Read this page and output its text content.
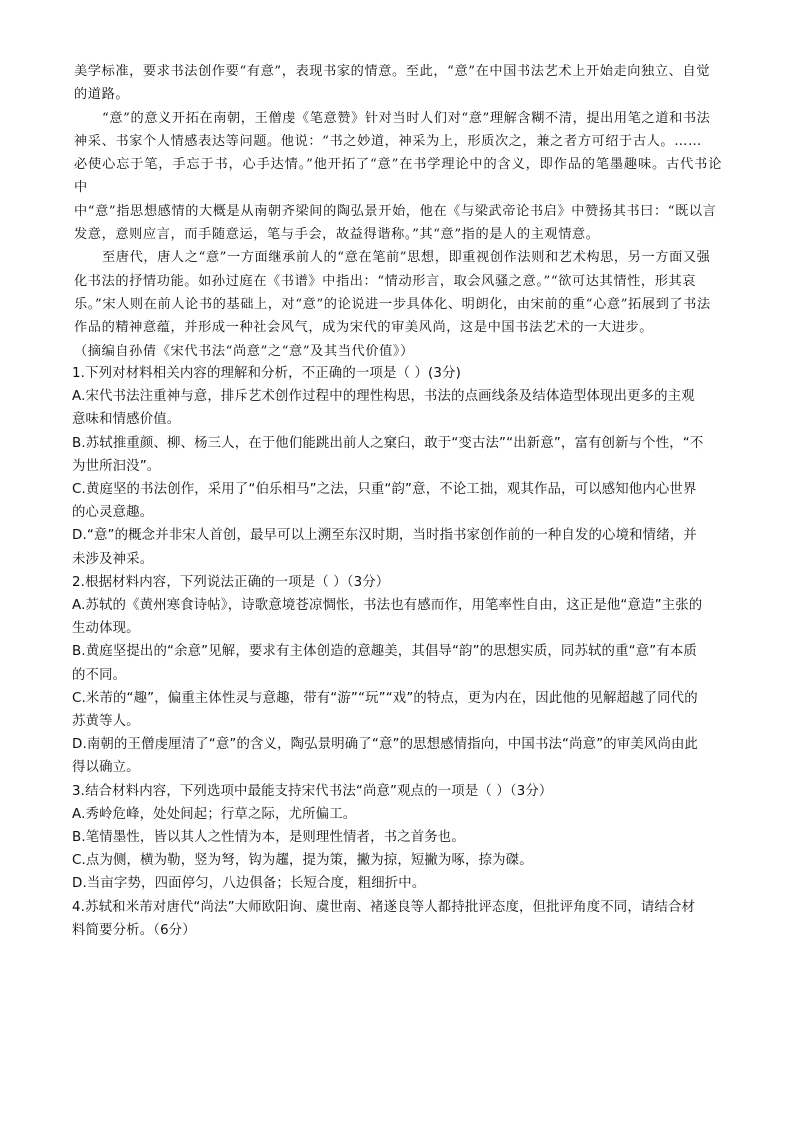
美学标准，要求书法创作要“有意”，表现书家的情意。至此，“意”在中国书法艺术上开始走向独立、自觉

的道路。

“意”的意义开拓在南朝，王僧虔《笔意赞》针对当时人们对“意”理解含糊不清，提出用笔之道和书法

神采、书家个人情感表达等问题。他说：“书之妙道，神采为上，形质次之，兼之者方可绍于古人。……

必使心忘于笔，手忘于书，心手达情。”他开拓了“意”在书学理论中的含义，即作品的笔墨趣味。古代书论中

中“意”指思想感情的大概是从南朝齐梁间的陶弘景开始，他在《与梁武帝论书启》中赞扬其书曰：“既以言

发意，意则应言，而手随意运，笔与手会，故益得谐称。”其“意”指的是人的主观情意。

至唐代，唐人之“意”一方面继承前人的“意在笔前”思想，即重视创作法则和艺术构思，另一方面又强

化书法的抒情功能。如孙过庭在《书谱》中指出：“情动形言，取会风骚之意。”“欲可达其情性，形其哀

乐。”宋人则在前人论书的基础上，对“意”的论说进一步具体化、明朗化，由宋前的重“心意”拓展到了书法

作品的精神意蕴，并形成一种社会风气，成为宋代的审美风尚，这是中国书法艺术的一大进步。

（摘编自孙倩《宋代书法“尚意”之“意”及其当代价值》）

1.下列对材料相关内容的理解和分析，不正确的一项是（ ）(3分)

A.宋代书法注重神与意，排斥艺术创作过程中的理性构思，书法的点画线条及结体造型体现出更多的主观

意味和情感价值。

B.苏轼推重颜、柳、杨三人，在于他们能跳出前人之窠臼，敢于“变古法”“出新意”，富有创新与个性，“不

为世所汩没”。

C.黄庭坚的书法创作，采用了“伯乐相马”之法，只重“韵”意，不论工拙，观其作品，可以感知他内心世界

的心灵意趣。

D.“意”的概念并非宋人首创，最早可以上溯至东汉时期，当时指书家创作前的一种自发的心境和情绪，并

未涉及神采。

2.根据材料内容，下列说法正确的一项是（ ）（3分）

A.苏轼的《黄州寒食诗帖》，诗歌意境苍凉惆怅，书法也有感而作，用笔率性自由，这正是他“意造”主张的

生动体现。

B.黄庭坚提出的“余意”见解，要求有主体创造的意趣美，其倡导“韵”的思想实质，同苏轼的重“意”有本质

的不同。

C.米芾的“趣”，偏重主体性灵与意趣，带有“游”“玩”“戏”的特点，更为内在，因此他的见解超越了同代的

苏黄等人。

D.南朝的王僧虔厘清了“意”的含义，陶弘景明确了“意”的思想感情指向，中国书法“尚意”的审美风尚由此

得以确立。

3.结合材料内容，下列选项中最能支持宋代书法“尚意”观点的一项是（ ）（3分）

A.秀岭危峰，处处间起；行草之际，尤所偏工。

B.笔情墨性，皆以其人之性情为本，是则理性情者，书之首务也。

C.点为侧，横为勒，竖为弩，钩为趯，提为策，撇为掠，短撇为啄，捺为磔。

D.当亩字势，四面停匀，八边俱备；长短合度，粗细折中。

4.苏轼和米芾对唐代“尚法”大师欧阳询、虞世南、褚遂良等人都持批评态度，但批评角度不同，请结合材

料简要分析。（6分）
